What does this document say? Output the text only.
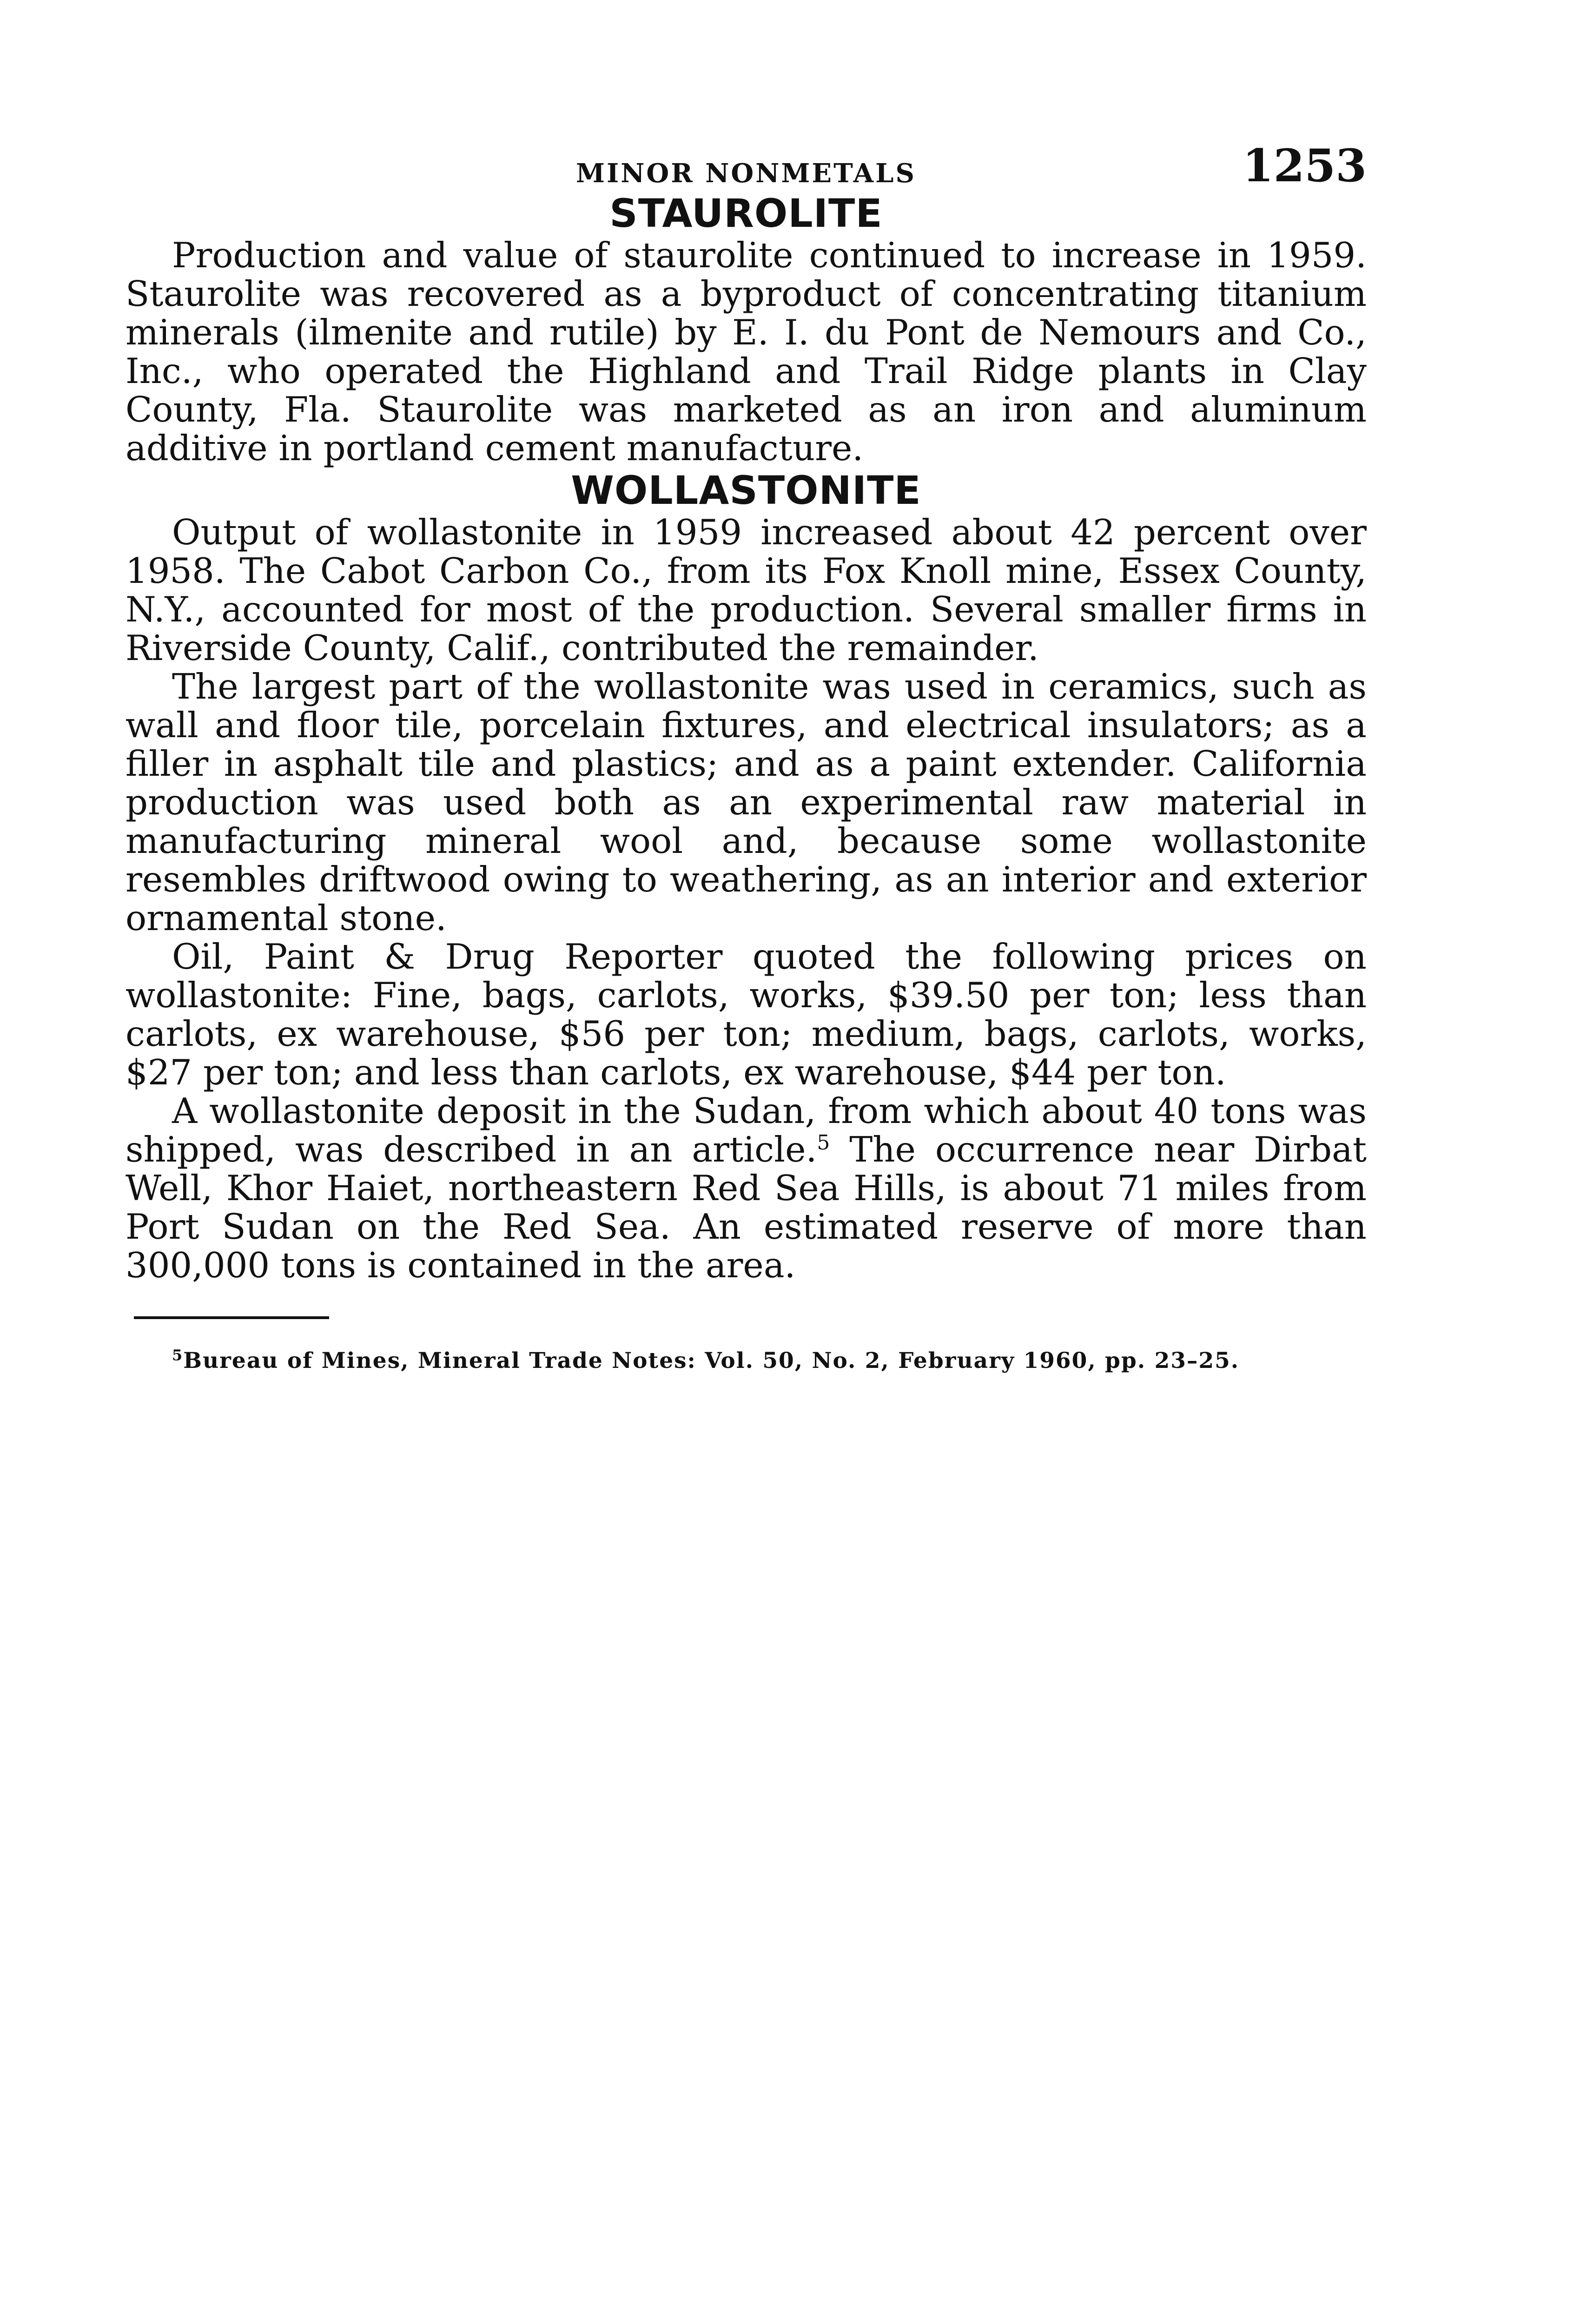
MINOR NONMETALS	1253
STAUROLITE

Production and value of staurolite continued to increase in 1959. Staurolite was recovered as a byproduct of concentrating titanium minerals (ilmenite and rutile) by E. I. du Pont de Nemours and Co., Inc., who operated the Highland and Trail Ridge plants in Clay County, Fla. Staurolite was marketed as an iron and aluminum additive in portland cement manufacture.

WOLLASTONITE

Output of wollastonite in 1959 increased about 42 percent over 1958. The Cabot Carbon Co., from its Fox Knoll mine, Essex County, N.Y., accounted for most of the production. Several smaller firms in Riverside County, Calif., contributed the remainder.

The largest part of the wollastonite was used in ceramics, such as wall and floor tile, porcelain fixtures, and electrical insulators; as a filler in asphalt tile and plastics; and as a paint extender. California production was used both as an experimental raw material in manufacturing mineral wool and, because some wollastonite resembles driftwood owing to weathering, as an interior and exterior ornamental stone.

Oil, Paint & Drug Reporter quoted the following prices on wollastonite: Fine, bags, carlots, works, $39.50 per ton; less than carlots, ex warehouse, $56 per ton; medium, bags, carlots, works, $27 per ton; and less than carlots, ex warehouse, $44 per ton.

A wollastonite deposit in the Sudan, from which about 40 tons was shipped, was described in an article.$^5$ The occurrence near Dirbat Well, Khor Haiet, northeastern Red Sea Hills, is about 71 miles from Port Sudan on the Red Sea. An estimated reserve of more than 300,000 tons is contained in the area.

$^5$Bureau of Mines, Mineral Trade Notes: Vol. 50, No. 2, February 1960, pp. 23–25.
